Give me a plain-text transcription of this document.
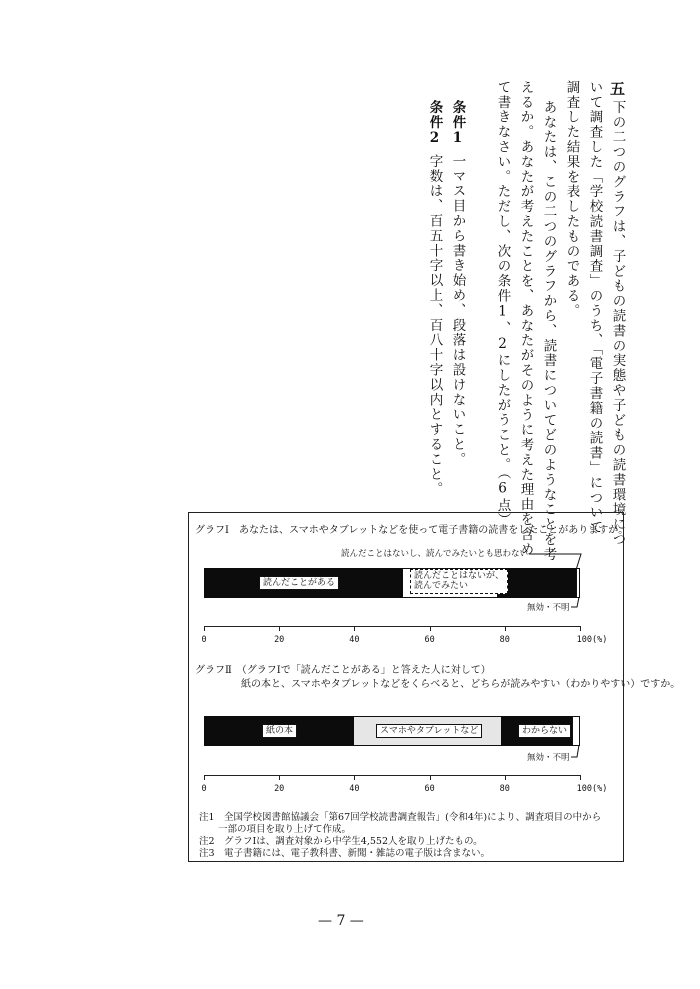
五
下の二つのグラフは、子どもの読書の実態や子どもの読書環境につ
いて調査した「学校読書調査」のうち、「電子書籍の読書」について
調査した結果を表したものである。
あなたは、この二つのグラフから、読書についてどのようなことを考
えるか。あなたが考えたことを、あなたがそのように考えた理由を含め
て書きなさい。ただし、次の条件1、2にしたがうこと。（6点）
条件1
一マス目から書き始め、段落は設けないこと。
条件2
字数は、百五十字以上、百八十字以内とすること。
グラフⅠ　あなたは、スマホやタブレットなどを使って電子書籍の読書をしたことがありますか。
読んだことはないし、読んでみたいとも思わない
読んだことがある
読んだことはないが、
読んでみたい
無効・不明
0	20	40	60	80	100(%)
グラフⅡ　（グラフⅠで「読んだことがある」と答えた人に対して）
紙の本と、スマホやタブレットなどをくらべると、どちらが読みやすい（わかりやすい）ですか。
紙の本	スマホやタブレットなど	わからない
無効・不明
0	20	40	60	80	100(%)
注1　全国学校図書館協議会「第67回学校読書調査報告」(令和4年)により、調査項目の中から
　　一部の項目を取り上げて作成。
注2　グラフⅠは、調査対象から中学生4,552人を取り上げたもの。
注3　電子書籍には、電子教科書、新聞・雑誌の電子版は含まない。
— 7 —
